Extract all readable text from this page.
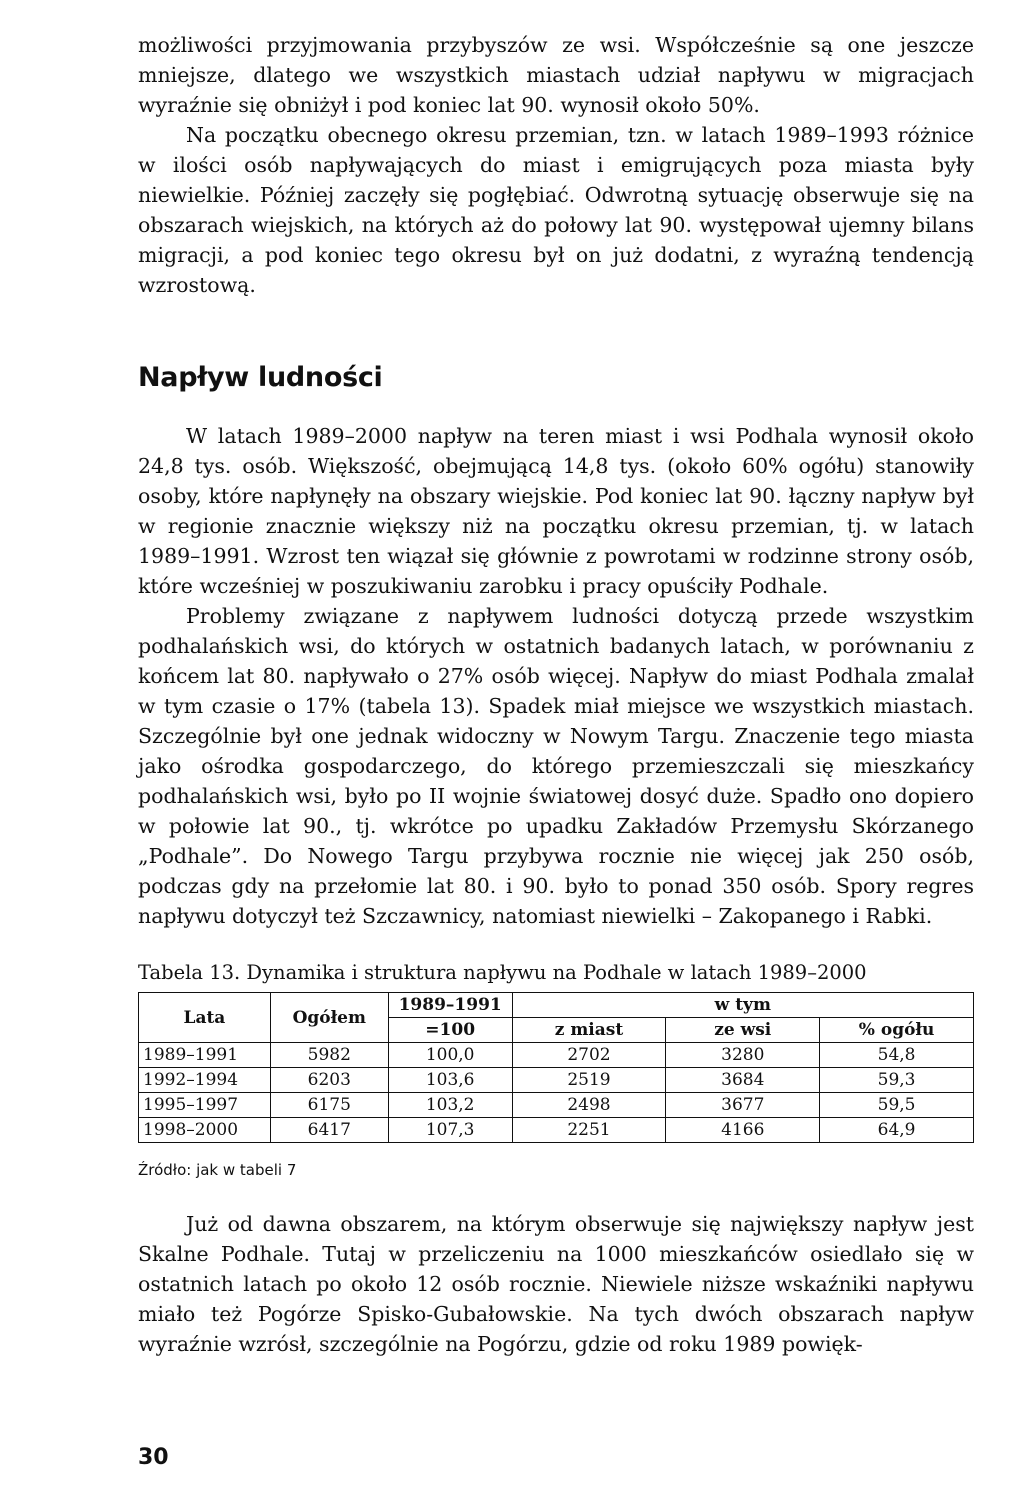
możliwości przyjmowania przybyszów ze wsi. Współcześnie są one jeszcze mniejsze, dlatego we wszystkich miastach udział napływu w migracjach wyraźnie się obniżył i pod koniec lat 90. wynosił około 50%.

Na początku obecnego okresu przemian, tzn. w latach 1989–1993 różnice w ilości osób napływających do miast i emigrujących poza miasta były niewielkie. Później zaczęły się pogłębiać. Odwrotną sytuację obserwuje się na obszarach wiejskich, na których aż do połowy lat 90. występował ujemny bilans migracji, a pod koniec tego okresu był on już dodatni, z wyraźną tendencją wzrostową.

Napływ ludności

W latach 1989–2000 napływ na teren miast i wsi Podhala wynosił około 24,8 tys. osób. Większość, obejmującą 14,8 tys. (około 60% ogółu) stanowiły osoby, które napłynęły na obszary wiejskie. Pod koniec lat 90. łączny napływ był w regionie znacznie większy niż na początku okresu przemian, tj. w latach 1989–1991. Wzrost ten wiązał się głównie z powrotami w rodzinne strony osób, które wcześniej w poszukiwaniu zarobku i pracy opuściły Podhale.

Problemy związane z napływem ludności dotyczą przede wszystkim podhalańskich wsi, do których w ostatnich badanych latach, w porównaniu z końcem lat 80. napływało o 27% osób więcej. Napływ do miast Podhala zmalał w tym czasie o 17% (tabela 13). Spadek miał miejsce we wszystkich miastach. Szczególnie był one jednak widoczny w Nowym Targu. Znaczenie tego miasta jako ośrodka gospodarczego, do którego przemieszczali się mieszkańcy podhalańskich wsi, było po II wojnie światowej dosyć duże. Spadło ono dopiero w połowie lat 90., tj. wkrótce po upadku Zakładów Przemysłu Skórzanego „Podhale”. Do Nowego Targu przybywa rocznie nie więcej jak 250 osób, podczas gdy na przełomie lat 80. i 90. było to ponad 350 osób. Spory regres napływu dotyczył też Szczawnicy, natomiast niewielki – Zakopanego i Rabki.

Tabela 13. Dynamika i struktura napływu na Podhale w latach 1989–2000
Lata	Ogółem	1989–1991	w tym		
		=100	z miast	ze wsi	% ogółu
1989–1991	5982	100,0	2702	3280	54,8
1992–1994	6203	103,6	2519	3684	59,3
1995–1997	6175	103,2	2498	3677	59,5
1998–2000	6417	107,3	2251	4166	64,9
Źródło: jak w tabeli 7

Już od dawna obszarem, na którym obserwuje się największy napływ jest Skalne Podhale. Tutaj w przeliczeniu na 1000 mieszkańców osiedlało się w ostatnich latach po około 12 osób rocznie. Niewiele niższe wskaźniki napływu miało też Pogórze Spisko-Gubałowskie. Na tych dwóch obszarach napływ wyraźnie wzrósł, szczególnie na Pogórzu, gdzie od roku 1989 powięk-

30
